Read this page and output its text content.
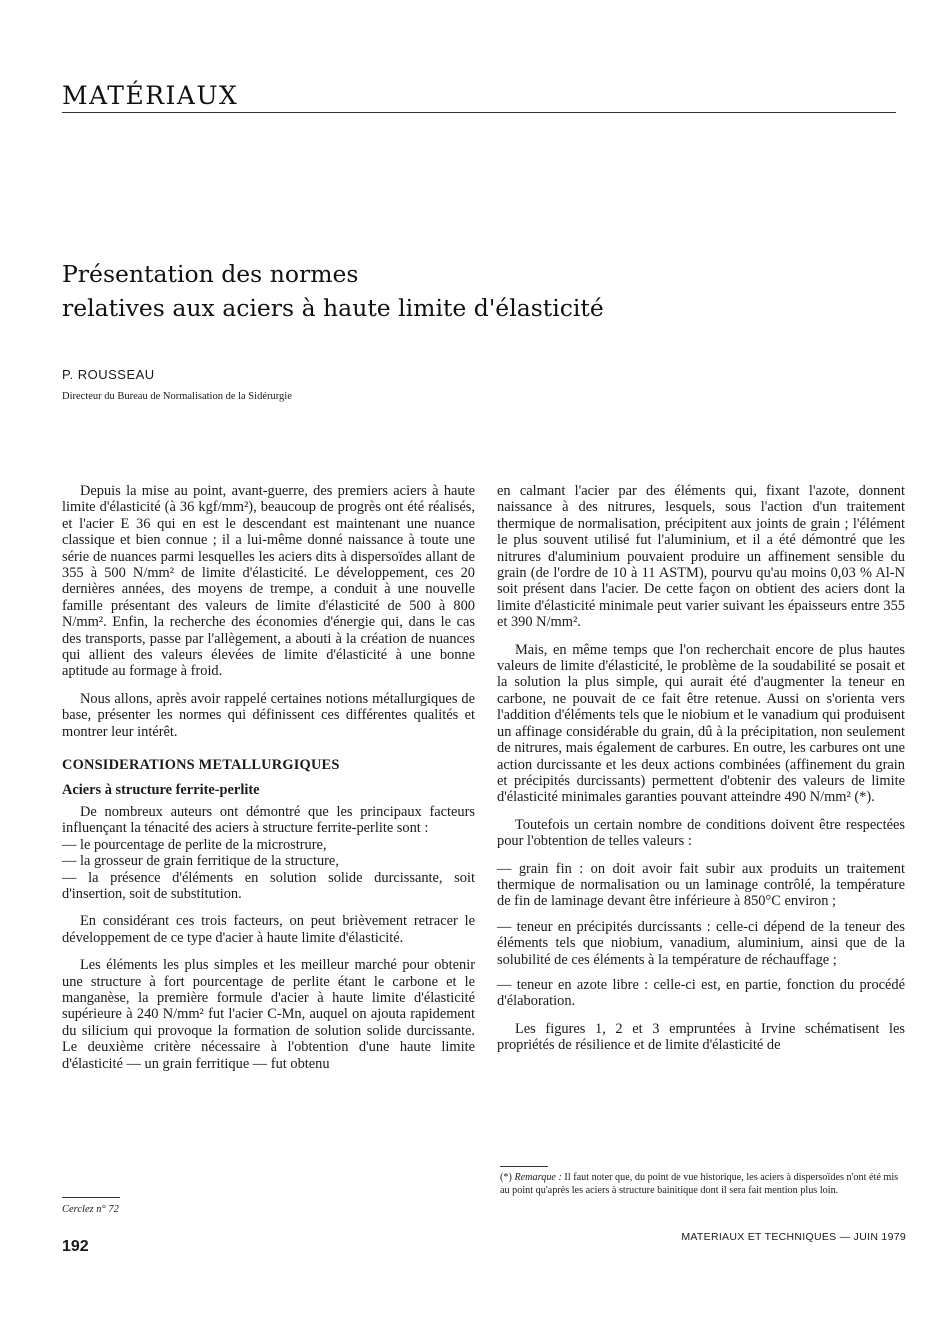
MATÉRIAUX
Présentation des normes
relatives aux aciers à haute limite d'élasticité
P. ROUSSEAU
Directeur du Bureau de Normalisation de la Sidérurgie

Depuis la mise au point, avant-guerre, des premiers aciers à haute limite d'élasticité (à 36 kgf/mm²), beaucoup de progrès ont été réalisés, et l'acier E 36 qui en est le descendant est maintenant une nuance classique et bien connue ; il a lui-même donné naissance à toute une série de nuances parmi lesquelles les aciers dits à dispersoïdes allant de 355 à 500 N/mm² de limite d'élasticité. Le développement, ces 20 dernières années, des moyens de trempe, a conduit à une nouvelle famille présentant des valeurs de limite d'élasticité de 500 à 800 N/mm². Enfin, la recherche des économies d'énergie qui, dans le cas des transports, passe par l'allègement, a abouti à la création de nuances qui allient des valeurs élevées de limite d'élasticité à une bonne aptitude au formage à froid.

Nous allons, après avoir rappelé certaines notions métallurgiques de base, présenter les normes qui définissent ces différentes qualités et montrer leur intérêt.

CONSIDERATIONS METALLURGIQUES
Aciers à structure ferrite-perlite

De nombreux auteurs ont démontré que les principaux facteurs influençant la ténacité des aciers à structure ferrite-perlite sont :

— le pourcentage de perlite de la microstrure,
— la grosseur de grain ferritique de la structure,
— la présence d'éléments en solution solide durcissante, soit d'insertion, soit de substitution.

En considérant ces trois facteurs, on peut brièvement retracer le développement de ce type d'acier à haute limite d'élasticité.

Les éléments les plus simples et les meilleur marché pour obtenir une structure à fort pourcentage de perlite étant le carbone et le manganèse, la première formule d'acier à haute limite d'élasticité supérieure à 240 N/mm² fut l'acier C-Mn, auquel on ajouta rapidement du silicium qui provoque la formation de solution solide durcissante. Le deuxième critère nécessaire à l'obtention d'une haute limite d'élasticité — un grain ferritique — fut obtenu

en calmant l'acier par des éléments qui, fixant l'azote, donnent naissance à des nitrures, lesquels, sous l'action d'un traitement thermique de normalisation, précipitent aux joints de grain ; l'élément le plus souvent utilisé fut l'aluminium, et il a été démontré que les nitrures d'aluminium pouvaient produire un affinement sensible du grain (de l'ordre de 10 à 11 ASTM), pourvu qu'au moins 0,03 % Al-N soit présent dans l'acier. De cette façon on obtient des aciers dont la limite d'élasticité minimale peut varier suivant les épaisseurs entre 355 et 390 N/mm².

Mais, en même temps que l'on recherchait encore de plus hautes valeurs de limite d'élasticité, le problème de la soudabilité se posait et la solution la plus simple, qui aurait été d'augmenter la teneur en carbone, ne pouvait de ce fait être retenue. Aussi on s'orienta vers l'addition d'éléments tels que le niobium et le vanadium qui produisent un affinage considérable du grain, dû à la précipitation, non seulement de nitrures, mais également de carbures. En outre, les carbures ont une action durcissante et les deux actions combinées (affinement du grain et précipités durcissants) permettent d'obtenir des valeurs de limite d'élasticité minimales garanties pouvant atteindre 490 N/mm² (*).

Toutefois un certain nombre de conditions doivent être respectées pour l'obtention de telles valeurs :

— grain fin : on doit avoir fait subir aux produits un traitement thermique de normalisation ou un laminage contrôlé, la température de fin de laminage devant être inférieure à 850°C environ ;
— teneur en précipités durcissants : celle-ci dépend de la teneur des éléments tels que niobium, vanadium, aluminium, ainsi que de la solubilité de ces éléments à la température de réchauffage ;
— teneur en azote libre : celle-ci est, en partie, fonction du procédé d'élaboration.

Les figures 1, 2 et 3 empruntées à Irvine schématisent les propriétés de résilience et de limite d'élasticité de

(*) Remarque : Il faut noter que, du point de vue historique, les aciers à dispersoïdes n'ont été mis au point qu'après les aciers à structure bainitique dont il sera fait mention plus loin.
Cerclez n° 72
192
MATERIAUX ET TECHNIQUES — JUIN 1979
